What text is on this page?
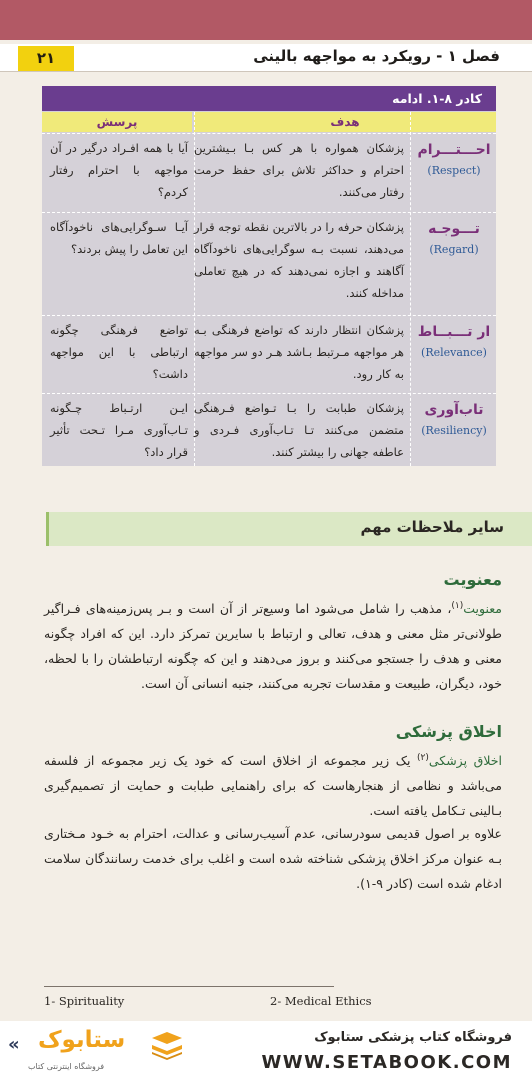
۲۱	فصل ۱ - رویکرد به مواجهه بالینی
کادر ۸-۱. ادامه
هدف
پرسش
احـــتـــرام
(Respect)
پزشکان همواره با هر کس بـا بـیشترین احترام و حداکثر تلاش برای حفظ حرمت رفتار می‌کنند.
آیا با همه افـراد درگیر در آن مواجهه با احترام رفتار کردم؟
تـــوجـه
(Regard)
پزشکان حرفه را در بالاترین نقطه توجه قرار می‌دهند، نسبت بـه سوگرایی‌های ناخودآگاه آگاهند و اجازه نمی‌دهند که در هیچ تعاملی مداخله کنند.
آیـا سـوگرایی‌های ناخودآگاه این تعامل را پیش بردند؟
ار تـــبــاط
(Relevance)
پزشکان انتظار دارند که تواضع فرهنگی بـه هر مواجهه مـرتبط بـاشد هـر دو سر مواجهه به کار رود.
تواضع فرهنگی چگونه ارتباطی با این مواجهه داشت؟
تاب‌آوری
(Resiliency)
پزشکان طبابت را بـا تـواضع فـرهنگی متضمن می‌کنند تـا تـاب‌آوری فـردی و عاطفه جهانی را بیشتر کنند.
ایـن ارتـباط چـگونه تـاب‌آوری مـرا تـحت تأثیر قرار داد؟
سایر ملاحظات مهم
معنویت
معنویت$^{(۱)}$، مذهب را شامل می‌شود اما وسیع‌تر از آن است و بـر پس‌زمینه‌های فـراگیر طولانی‌تر مثل معنی و هدف، تعالی و ارتباط با سایرین تمرکز دارد. این که افراد چگونه معنی و هدف را جستجو می‌کنند و بروز می‌دهند و این که چگونه ارتباطشان را با لحظه، خود، دیگران، طبیعت و مقدسات تجربه می‌کنند، جنبه انسانی آن است.
اخلاق پزشکی
اخلاق پزشکی$^{(۲)}$ یک زیر مجموعه از اخلاق است که خود یک زیر مجموعه از فلسفه می‌باشد و نظامی از هنجارهاست که برای راهنمایی طبابت و حمایت از تصمیم‌گیری بـالینی تـکامل یافته است.
علاوه بر اصول قدیمی سودرسانی، عدم آسیب‌رسانی و عدالت، احترام به خـود مـختاری بـه عنوان مرکز اخلاق پزشکی شناخته شده است و اغلب برای خدمت رسانندگان سلامت ادغام شده است (کادر ۹-۱).
1- Spirituality	2- Medical Ethics
« ستابوک
فروشگاه اینترنتی کتاب
فروشگاه کتاب پزشکی ستابوک
WWW.SETABOOK.COM
